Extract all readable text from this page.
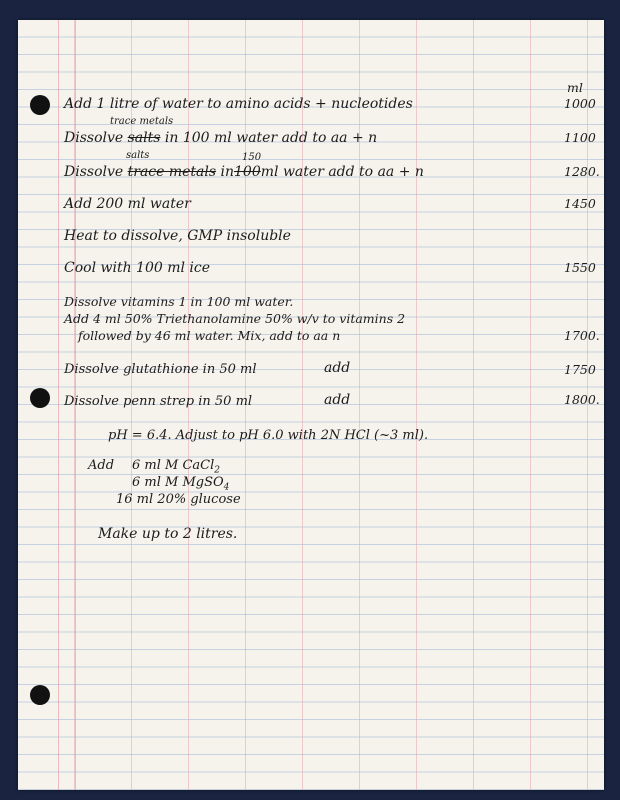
ml
Add 1 litre of water to amino acids + nucleotides	1000
trace metals
Dissolve salts in 100 ml water add to aa + n	1100
salts	150
Dissolve trace metals in100ml water add to aa + n	1280.
Add 200 ml water	1450
Heat to dissolve, GMP insoluble
Cool with 100 ml ice	1550
Dissolve vitamins 1 in 100 ml water.
Add 4 ml 50% Triethanolamine 50% w/v to vitamins 2
followed by 46 ml water. Mix, add to aa n	1700.
Dissolve glutathione in 50 ml	add	1750
Dissolve penn strep in 50 ml	add	1800.
pH = 6.4. Adjust to pH 6.0 with 2N HCl (~3 ml).
Add 6 ml M CaCl$_2$
6 ml M MgSO$_4$
16 ml 20% glucose
Make up to 2 litres.
